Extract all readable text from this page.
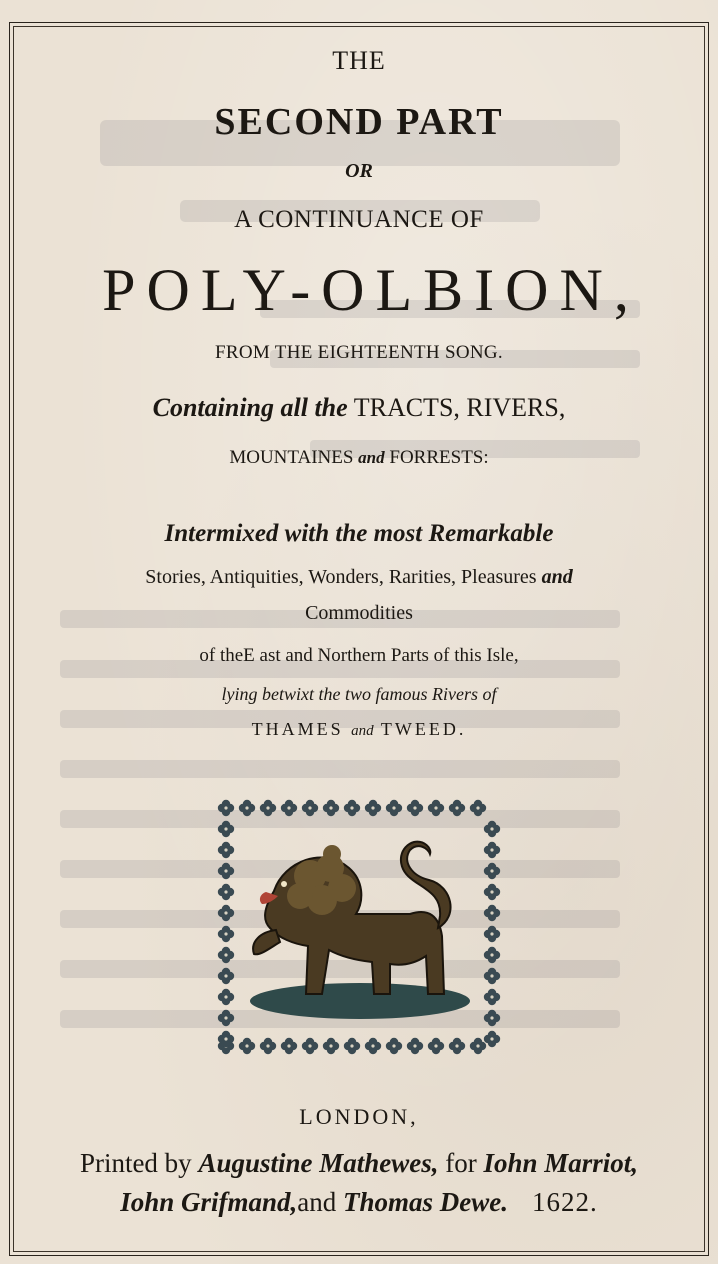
THE
SECOND PART
OR
A CONTINUANCE OF
POLY-OLBION,
FROM THE EIGHTEENTH SONG.
Containing all the TRACTS, RIVERS,
MOUNTAINES and FORRESTS:
Intermixed with the most Remarkable
Stories, Antiquities, Wonders, Rarities, Pleasures and
Commodities
of theE ast and Northern Parts of this Isle,
lying betwixt the two famous Rivers of
THAMES and TWEED.
LONDON,
Printed by Augustine Mathewes, for Iohn Marriot,
Iohn Grifmand,and Thomas Dewe. 1622.
